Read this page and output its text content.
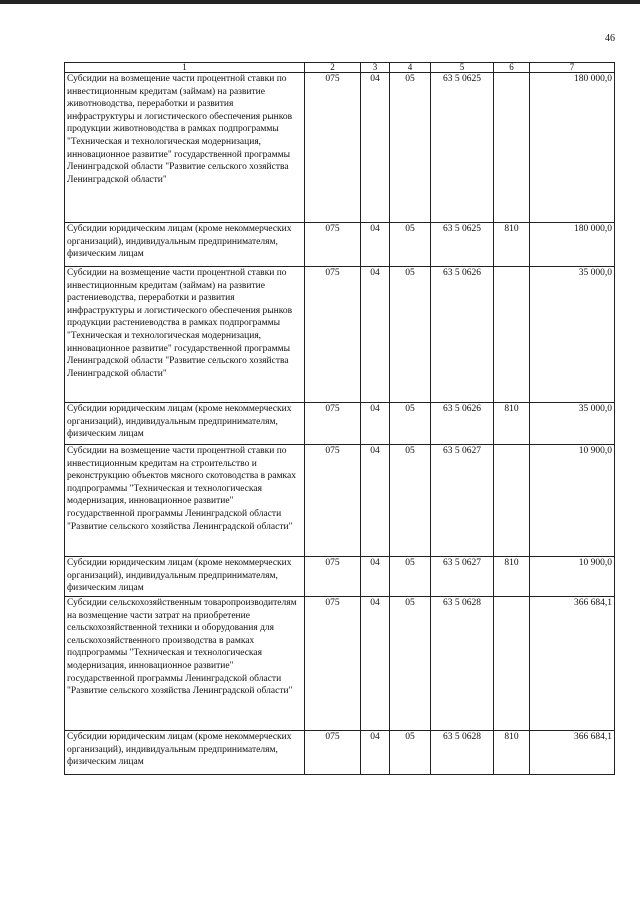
46
1	2	3	4	5	6	7
Субсидии на возмещение части процентной ставки по инвестиционным кредитам (займам) на развитие животноводства, переработки и развития инфраструктуры и логистического обеспечения рынков продукции животноводства в рамках подпрограммы "Техническая и технологическая модернизация, инновационное развитие" государственной программы Ленинградской области "Развитие сельского хозяйства Ленинградской области"	075	04	05	63 5 0625		180 000,0
Субсидии юридическим лицам (кроме некоммерческих организаций), индивидуальным предпринимателям, физическим лицам	075	04	05	63 5 0625	810	180 000,0
Субсидии на возмещение части процентной ставки по инвестиционным кредитам (займам) на развитие растениеводства, переработки и развития инфраструктуры и логистического обеспечения рынков продукции растениеводства в рамках подпрограммы "Техническая и технологическая модернизация, инновационное развитие" государственной программы Ленинградской области "Развитие сельского хозяйства Ленинградской области"	075	04	05	63 5 0626		35 000,0
Субсидии юридическим лицам (кроме некоммерческих организаций), индивидуальным предпринимателям, физическим лицам	075	04	05	63 5 0626	810	35 000,0
Субсидии на возмещение части процентной ставки по инвестиционным кредитам на строительство и реконструкцию объектов мясного скотоводства в рамках подпрограммы "Техническая и технологическая модернизация, инновационное развитие" государственной программы Ленинградской области "Развитие сельского хозяйства Ленинградской области"	075	04	05	63 5 0627		10 900,0
Субсидии юридическим лицам (кроме некоммерческих организаций), индивидуальным предпринимателям, физическим лицам	075	04	05	63 5 0627	810	10 900,0
Субсидии сельскохозяйственным товаропроизводителям на возмещение части затрат на приобретение сельскохозяйственной техники и оборудования для сельскохозяйственного производства в рамках подпрограммы "Техническая и технологическая модернизация, инновационное развитие" государственной программы Ленинградской области "Развитие сельского хозяйства Ленинградской области"	075	04	05	63 5 0628		366 684,1
Субсидии юридическим лицам (кроме некоммерческих организаций), индивидуальным предпринимателям, физическим лицам	075	04	05	63 5 0628	810	366 684,1
